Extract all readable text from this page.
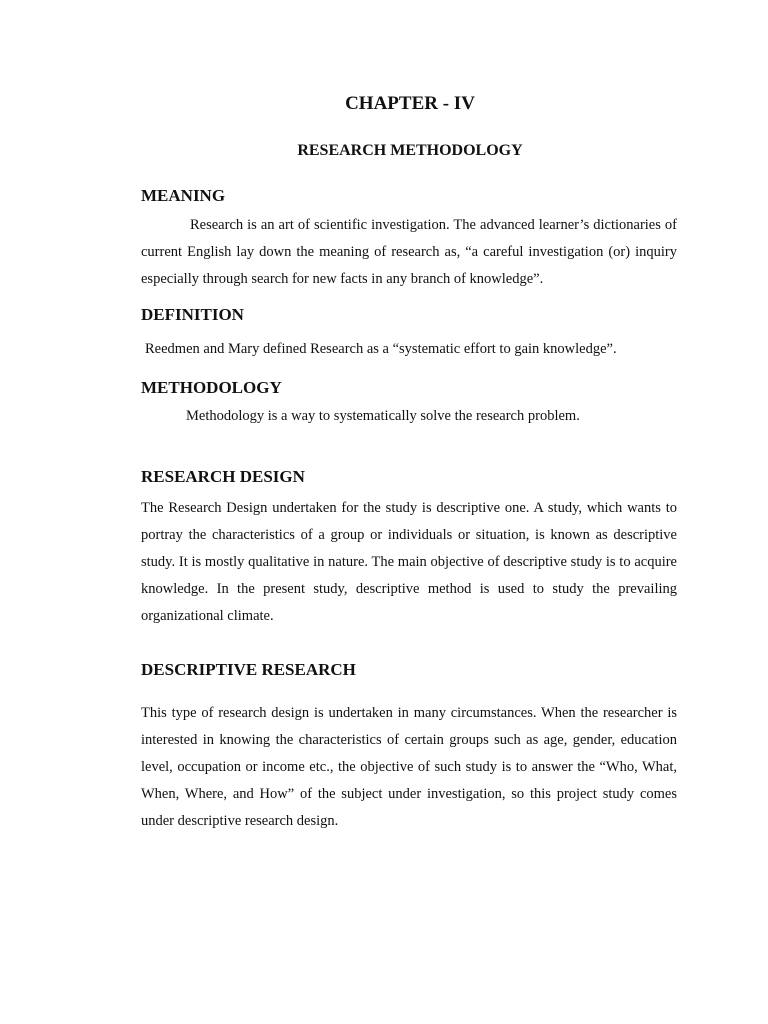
CHAPTER - IV
RESEARCH METHODOLOGY
MEANING

Research is an art of scientific investigation. The advanced learner’s dictionaries of current English lay down the meaning of research as, “a careful investigation (or) inquiry especially through search for new facts in any branch of knowledge”.

DEFINITION

Reedmen and Mary defined Research as a “systematic effort to gain knowledge”.

METHODOLOGY

Methodology is a way to systematically solve the research problem.

RESEARCH DESIGN

The Research Design undertaken for the study is descriptive one. A study, which wants to portray the characteristics of a group or individuals or situation, is known as descriptive study. It is mostly qualitative in nature. The main objective of descriptive study is to acquire knowledge. In the present study, descriptive method is used to study the prevailing organizational climate.

DESCRIPTIVE RESEARCH

This type of research design is undertaken in many circumstances. When the researcher is interested in knowing the characteristics of certain groups such as age, gender, education level, occupation or income etc., the objective of such study is to answer the “Who, What, When, Where, and How” of the subject under investigation, so this project study comes under descriptive research design.
